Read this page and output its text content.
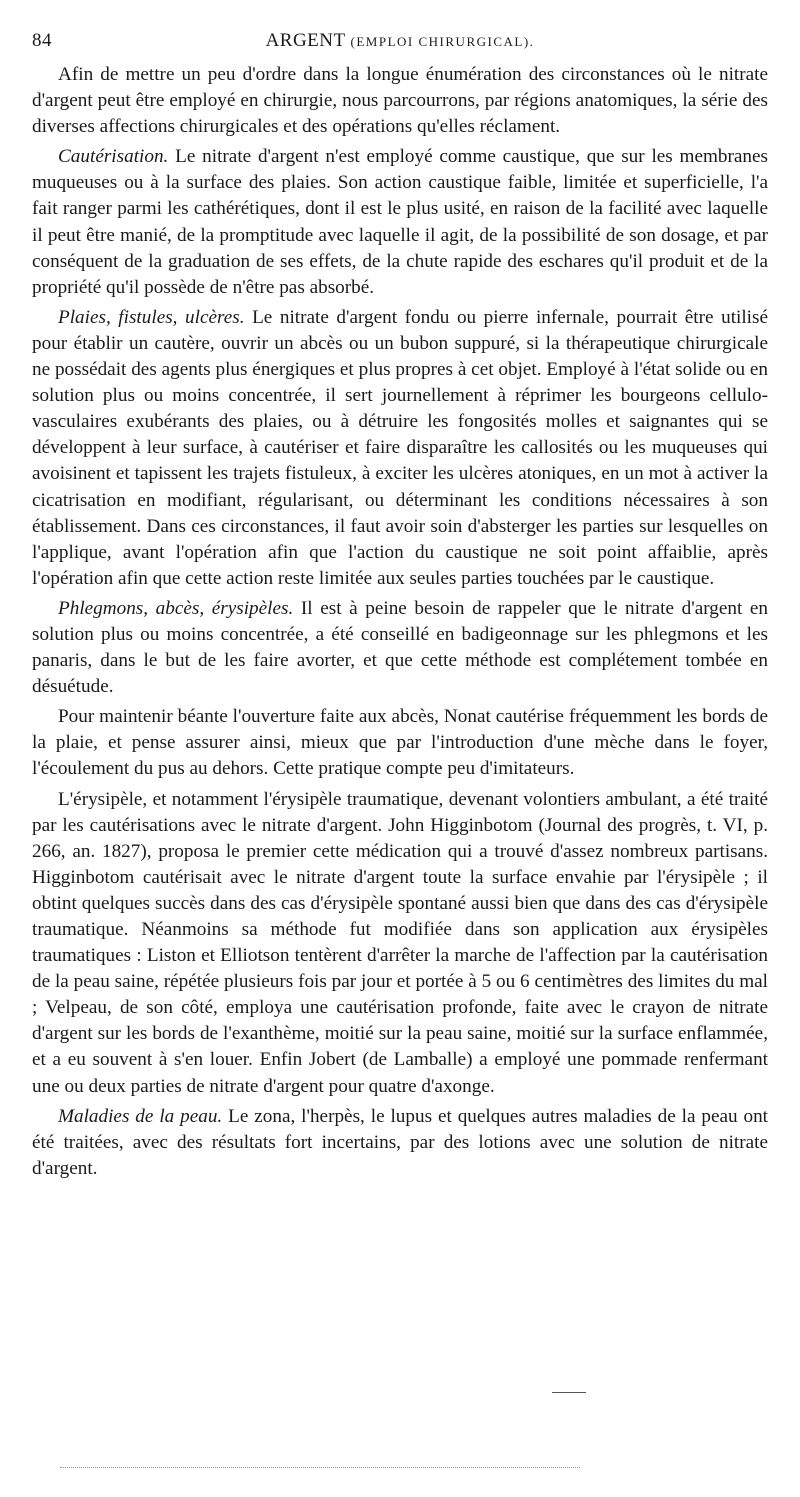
84	ARGENT (EMPLOI CHIRURGICAL).

Afin de mettre un peu d'ordre dans la longue énumération des circonstances où le nitrate d'argent peut être employé en chirurgie, nous parcourrons, par régions anatomiques, la série des diverses affections chirurgicales et des opérations qu'elles réclament.

Cautérisation. Le nitrate d'argent n'est employé comme caustique, que sur les membranes muqueuses ou à la surface des plaies. Son action caustique faible, limitée et superficielle, l'a fait ranger parmi les cathérétiques, dont il est le plus usité, en raison de la facilité avec laquelle il peut être manié, de la promptitude avec laquelle il agit, de la possibilité de son dosage, et par conséquent de la graduation de ses effets, de la chute rapide des eschares qu'il produit et de la propriété qu'il possède de n'être pas absorbé.

Plaies, fistules, ulcères. Le nitrate d'argent fondu ou pierre infernale, pourrait être utilisé pour établir un cautère, ouvrir un abcès ou un bubon suppuré, si la thérapeutique chirurgicale ne possédait des agents plus énergiques et plus propres à cet objet. Employé à l'état solide ou en solution plus ou moins concentrée, il sert journellement à réprimer les bourgeons cellulo-vasculaires exubérants des plaies, ou à détruire les fongosités molles et saignantes qui se développent à leur surface, à cautériser et faire disparaître les callosités ou les muqueuses qui avoisinent et tapissent les trajets fistuleux, à exciter les ulcères atoniques, en un mot à activer la cicatrisation en modifiant, régularisant, ou déterminant les conditions nécessaires à son établissement. Dans ces circonstances, il faut avoir soin d'absterger les parties sur lesquelles on l'applique, avant l'opération afin que l'action du caustique ne soit point affaiblie, après l'opération afin que cette action reste limitée aux seules parties touchées par le caustique.

Phlegmons, abcès, érysipèles. Il est à peine besoin de rappeler que le nitrate d'argent en solution plus ou moins concentrée, a été conseillé en badigeonnage sur les phlegmons et les panaris, dans le but de les faire avorter, et que cette méthode est complétement tombée en désuétude.

Pour maintenir béante l'ouverture faite aux abcès, Nonat cautérise fréquemment les bords de la plaie, et pense assurer ainsi, mieux que par l'introduction d'une mèche dans le foyer, l'écoulement du pus au dehors. Cette pratique compte peu d'imitateurs.

L'érysipèle, et notamment l'érysipèle traumatique, devenant volontiers ambulant, a été traité par les cautérisations avec le nitrate d'argent. John Higginbotom (Journal des progrès, t. VI, p. 266, an. 1827), proposa le premier cette médication qui a trouvé d'assez nombreux partisans. Higginbotom cautérisait avec le nitrate d'argent toute la surface envahie par l'érysipèle ; il obtint quelques succès dans des cas d'érysipèle spontané aussi bien que dans des cas d'érysipèle traumatique. Néanmoins sa méthode fut modifiée dans son application aux érysipèles traumatiques : Liston et Elliotson tentèrent d'arrêter la marche de l'affection par la cautérisation de la peau saine, répétée plusieurs fois par jour et portée à 5 ou 6 centimètres des limites du mal ; Velpeau, de son côté, employa une cautérisation profonde, faite avec le crayon de nitrate d'argent sur les bords de l'exanthème, moitié sur la peau saine, moitié sur la surface enflammée, et a eu souvent à s'en louer. Enfin Jobert (de Lamballe) a employé une pommade renfermant une ou deux parties de nitrate d'argent pour quatre d'axonge.

Maladies de la peau. Le zona, l'herpès, le lupus et quelques autres maladies de la peau ont été traitées, avec des résultats fort incertains, par des lotions avec une solution de nitrate d'argent.
